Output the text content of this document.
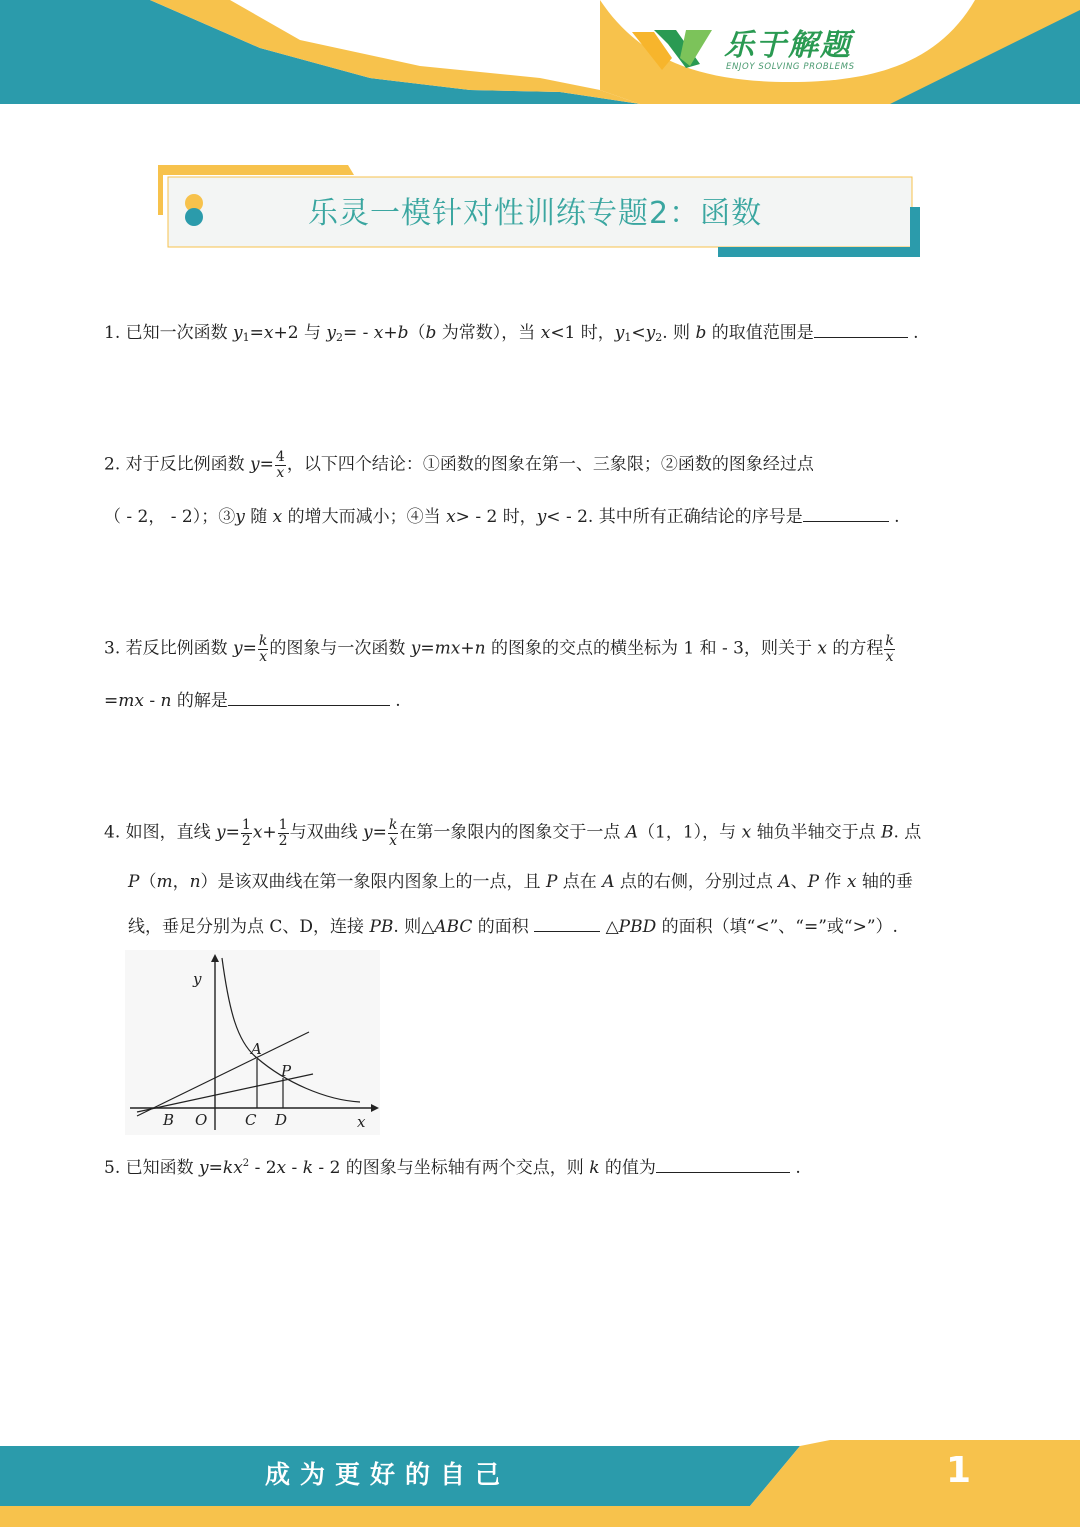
乐于解题
ENJOY SOLVING PROBLEMS
乐灵一模针对性训练专题2：函数
1. 已知一次函数 $y_1=x+2$ 与 $y_2= - x+b(b$ 为常数），当 x<1 时，$y_1<y_2$. 则 b 的取值范围是	.
2. 对于反比例函数 $y= \frac{4}{x}$ ，以下四个结论：①函数的图象在第一、三象限；②函数的图象经过点
（ - 2， - 2）；③y 随 x 的增大而减小；④当 x> - 2 时，y< - 2. 其中所有正确结论的序号是	.
3. 若反比例函数 $y= \frac{k}{x}$ 的图象与一次函数 y=mx+n 的图象的交点的横坐标为 1 和 - 3，则关于 x 的方程 $\frac{k}{x}$
=mx - n 的解是	.
4. 如图，直线 $y= \frac{1}{2} x+ \frac{1}{2}$ 与双曲线 $y= \frac{k}{x}$ 在第一象限内的图象交于一点 A（1，1），与 x 轴负半轴交于点 B. 点
P（m，n）是该双曲线在第一象限内图象上的一点，且 P 点在 A 点的右侧，分别过点 A、P 作 x 轴的垂
线，垂足分别为点 C、D，连接 PB. 则△ABC 的面积	△PBD 的面积（填“<”、“=”或“>”）.
y
A
P
B O	C D	x
5. 已知函数 $y=kx^2 - 2x - k - 2$ 的图象与坐标轴有两个交点，则 k 的值为	.
成为更好的自己	1
